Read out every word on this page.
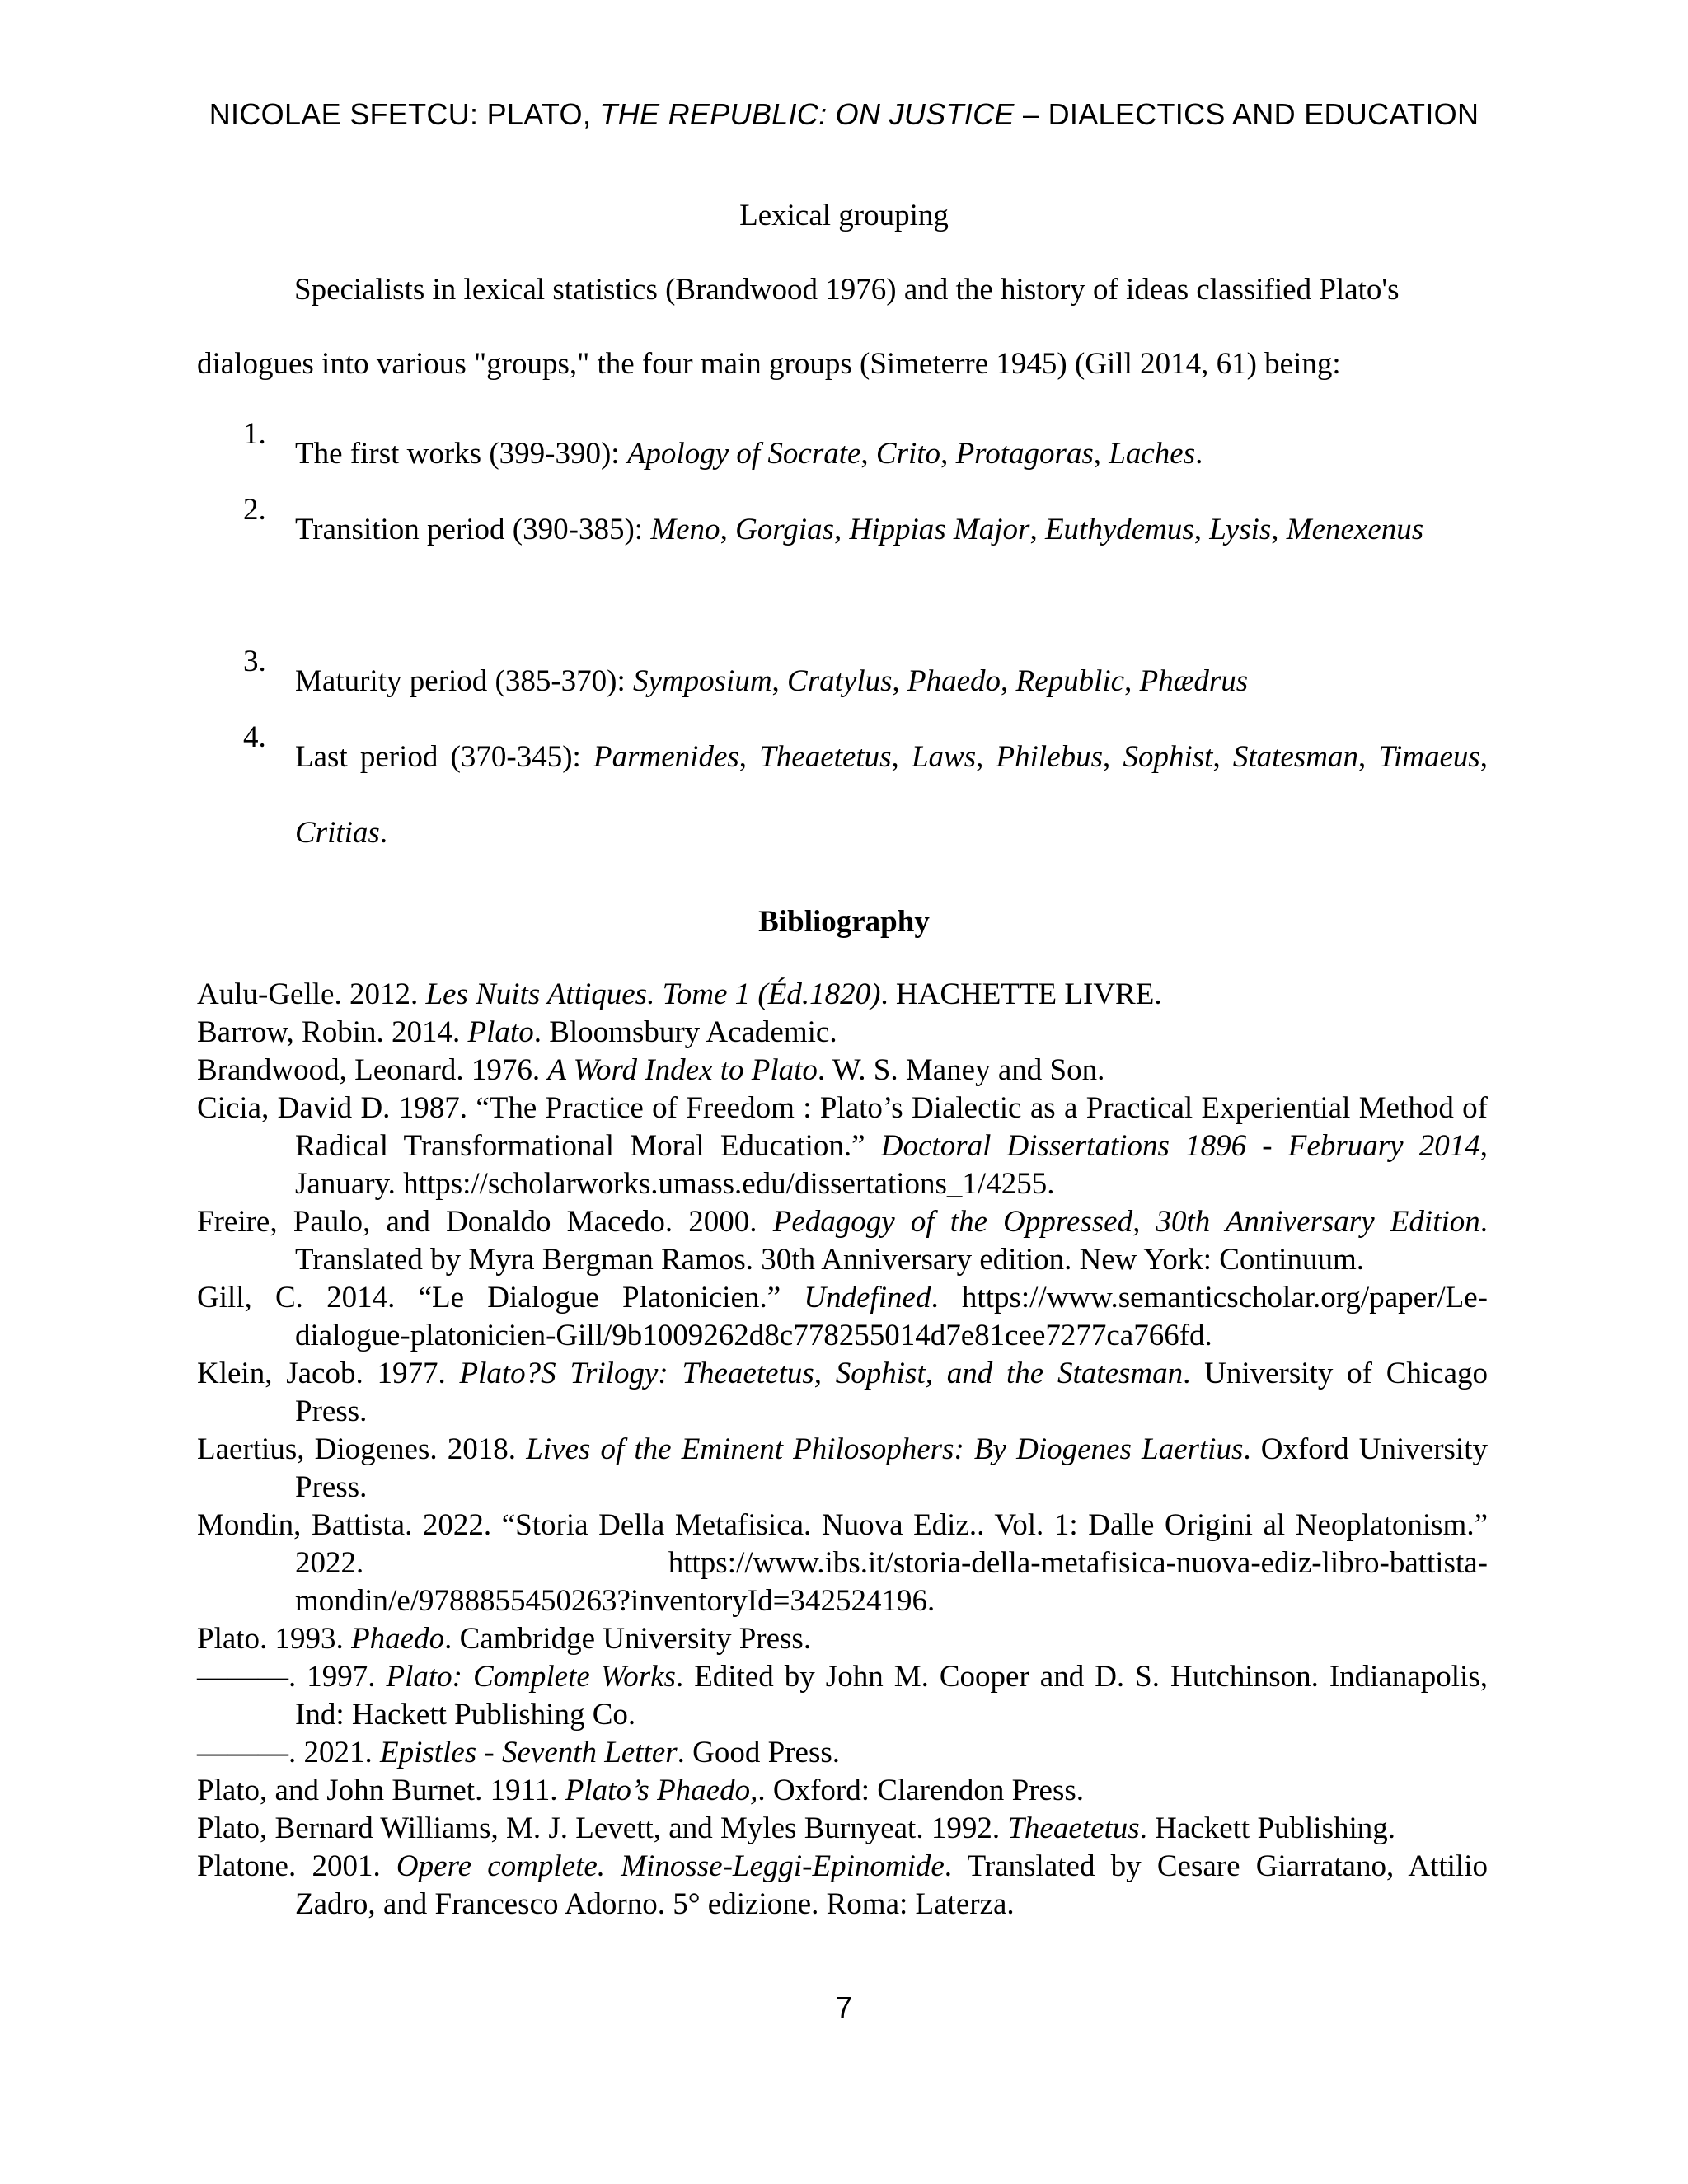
NICOLAE SFETCU: PLATO, THE REPUBLIC: ON JUSTICE – DIALECTICS AND EDUCATION
Lexical grouping
Specialists in lexical statistics (Brandwood 1976) and the history of ideas classified Plato's
dialogues into various "groups," the four main groups (Simeterre 1945) (Gill 2014, 61) being:
1.
The first works (399-390): Apology of Socrate, Crito, Protagoras, Laches.
2.
Transition period (390-385): Meno, Gorgias, Hippias Major, Euthydemus, Lysis, Menexenus
3.
Maturity period (385-370): Symposium, Cratylus, Phaedo, Republic, Phædrus
4.
Last period (370-345): Parmenides, Theaetetus, Laws, Philebus, Sophist, Statesman, Timaeus, Critias.
Bibliography

Aulu-Gelle. 2012. Les Nuits Attiques. Tome 1 (Éd.1820). HACHETTE LIVRE.

Barrow, Robin. 2014. Plato. Bloomsbury Academic.

Brandwood, Leonard. 1976. A Word Index to Plato. W. S. Maney and Son.

Cicia, David D. 1987. “The Practice of Freedom : Plato’s Dialectic as a Practical Experiential Method of Radical Transformational Moral Education.” Doctoral Dissertations 1896 - February 2014, January. https://scholarworks.umass.edu/dissertations_1/4255.

Freire, Paulo, and Donaldo Macedo. 2000. Pedagogy of the Oppressed, 30th Anniversary Edition. Translated by Myra Bergman Ramos. 30th Anniversary edition. New York: Continuum.

Gill, C. 2014. “Le Dialogue Platonicien.” Undefined. https://www.semanticscholar.org/paper/Le-dialogue-platonicien-Gill/9b1009262d8c778255014d7e81cee7277ca766fd.

Klein, Jacob. 1977. Plato?S Trilogy: Theaetetus, Sophist, and the Statesman. University of Chicago Press.

Laertius, Diogenes. 2018. Lives of the Eminent Philosophers: By Diogenes Laertius. Oxford University Press.

Mondin, Battista. 2022. “Storia Della Metafisica. Nuova Ediz.. Vol. 1: Dalle Origini al Neoplatonism.” 2022. https://www.ibs.it/storia-della-metafisica-nuova-ediz-libro-battista-mondin/e/9788855450263?inventoryId=342524196.

Plato. 1993. Phaedo. Cambridge University Press.

———. 1997. Plato: Complete Works. Edited by John M. Cooper and D. S. Hutchinson. Indianapolis, Ind: Hackett Publishing Co.

———. 2021. Epistles - Seventh Letter. Good Press.

Plato, and John Burnet. 1911. Plato’s Phaedo,. Oxford: Clarendon Press.

Plato, Bernard Williams, M. J. Levett, and Myles Burnyeat. 1992. Theaetetus. Hackett Publishing.

Platone. 2001. Opere complete. Minosse-Leggi-Epinomide. Translated by Cesare Giarratano, Attilio Zadro, and Francesco Adorno. 5° edizione. Roma: Laterza.

7
